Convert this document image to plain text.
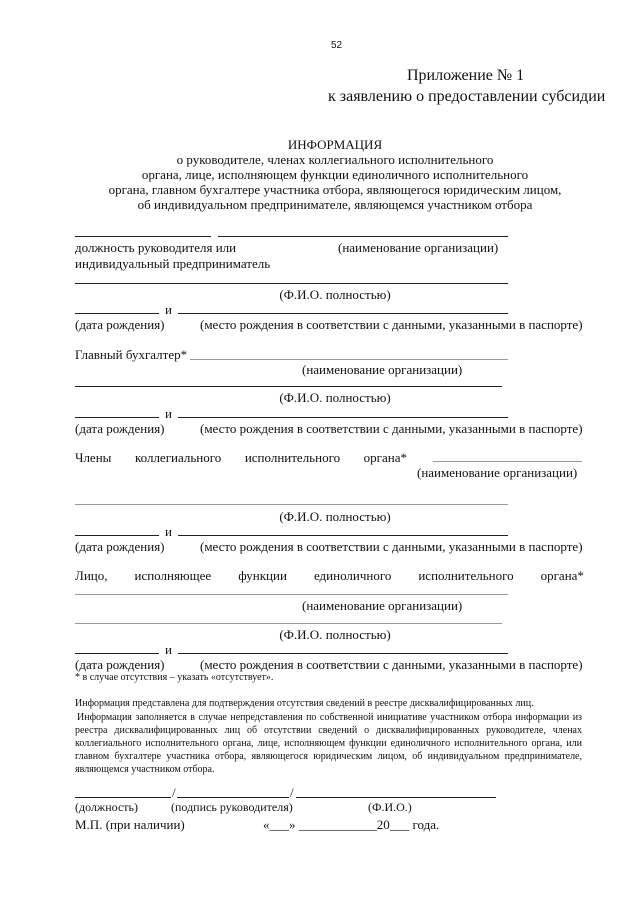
52
Приложение № 1
к заявлению о предоставлении субсидии
ИНФОРМАЦИЯ
о руководителе, членах коллегиального исполнительного
органа, лице, исполняющем функции единоличного исполнительного
органа, главном бухгалтере участника отбора, являющегося юридическим лицом,
об индивидуальном предпринимателе, являющемся участником отбора
должность руководителя или	(наименование организации)
индивидуальный предприниматель
(Ф.И.О. полностью)
и
(дата рождения)	(место рождения в соответствии с данными, указанными в паспорте)
Главный бухгалтер*
(наименование организации)
(Ф.И.О. полностью)
и
(дата рождения)	(место рождения в соответствии с данными, указанными в паспорте)
Члены коллегиального исполнительного органа*
(наименование организации)
(Ф.И.О. полностью)
и
(дата рождения)	(место рождения в соответствии с данными, указанными в паспорте)
Лицо, исполняющее функции единоличного исполнительного органа*
(наименование организации)
(Ф.И.О. полностью)
и
(дата рождения)	(место рождения в соответствии с данными, указанными в паспорте)
* в случае отсутствия – указать «отсутствует».
Информация представлена для подтверждения отсутствия сведений в реестре дисквалифицированных лиц.
Информация заполняется в случае непредставления по собственной инициативе участником отбора информации из реестра дисквалифицированных лиц об отсутствии сведений о дисквалифицированных руководителе, членах коллегиального исполнительного органа, лице, исполняющем функции единоличного исполнительного органа, или главном бухгалтере участника отбора, являющегося юридическим лицом, об индивидуальном предпринимателе, являющемся участником отбора.
/	/
(должность)	(подпись руководителя)	(Ф.И.О.)
М.П. (при наличии)	«___» ____________20___ года.
